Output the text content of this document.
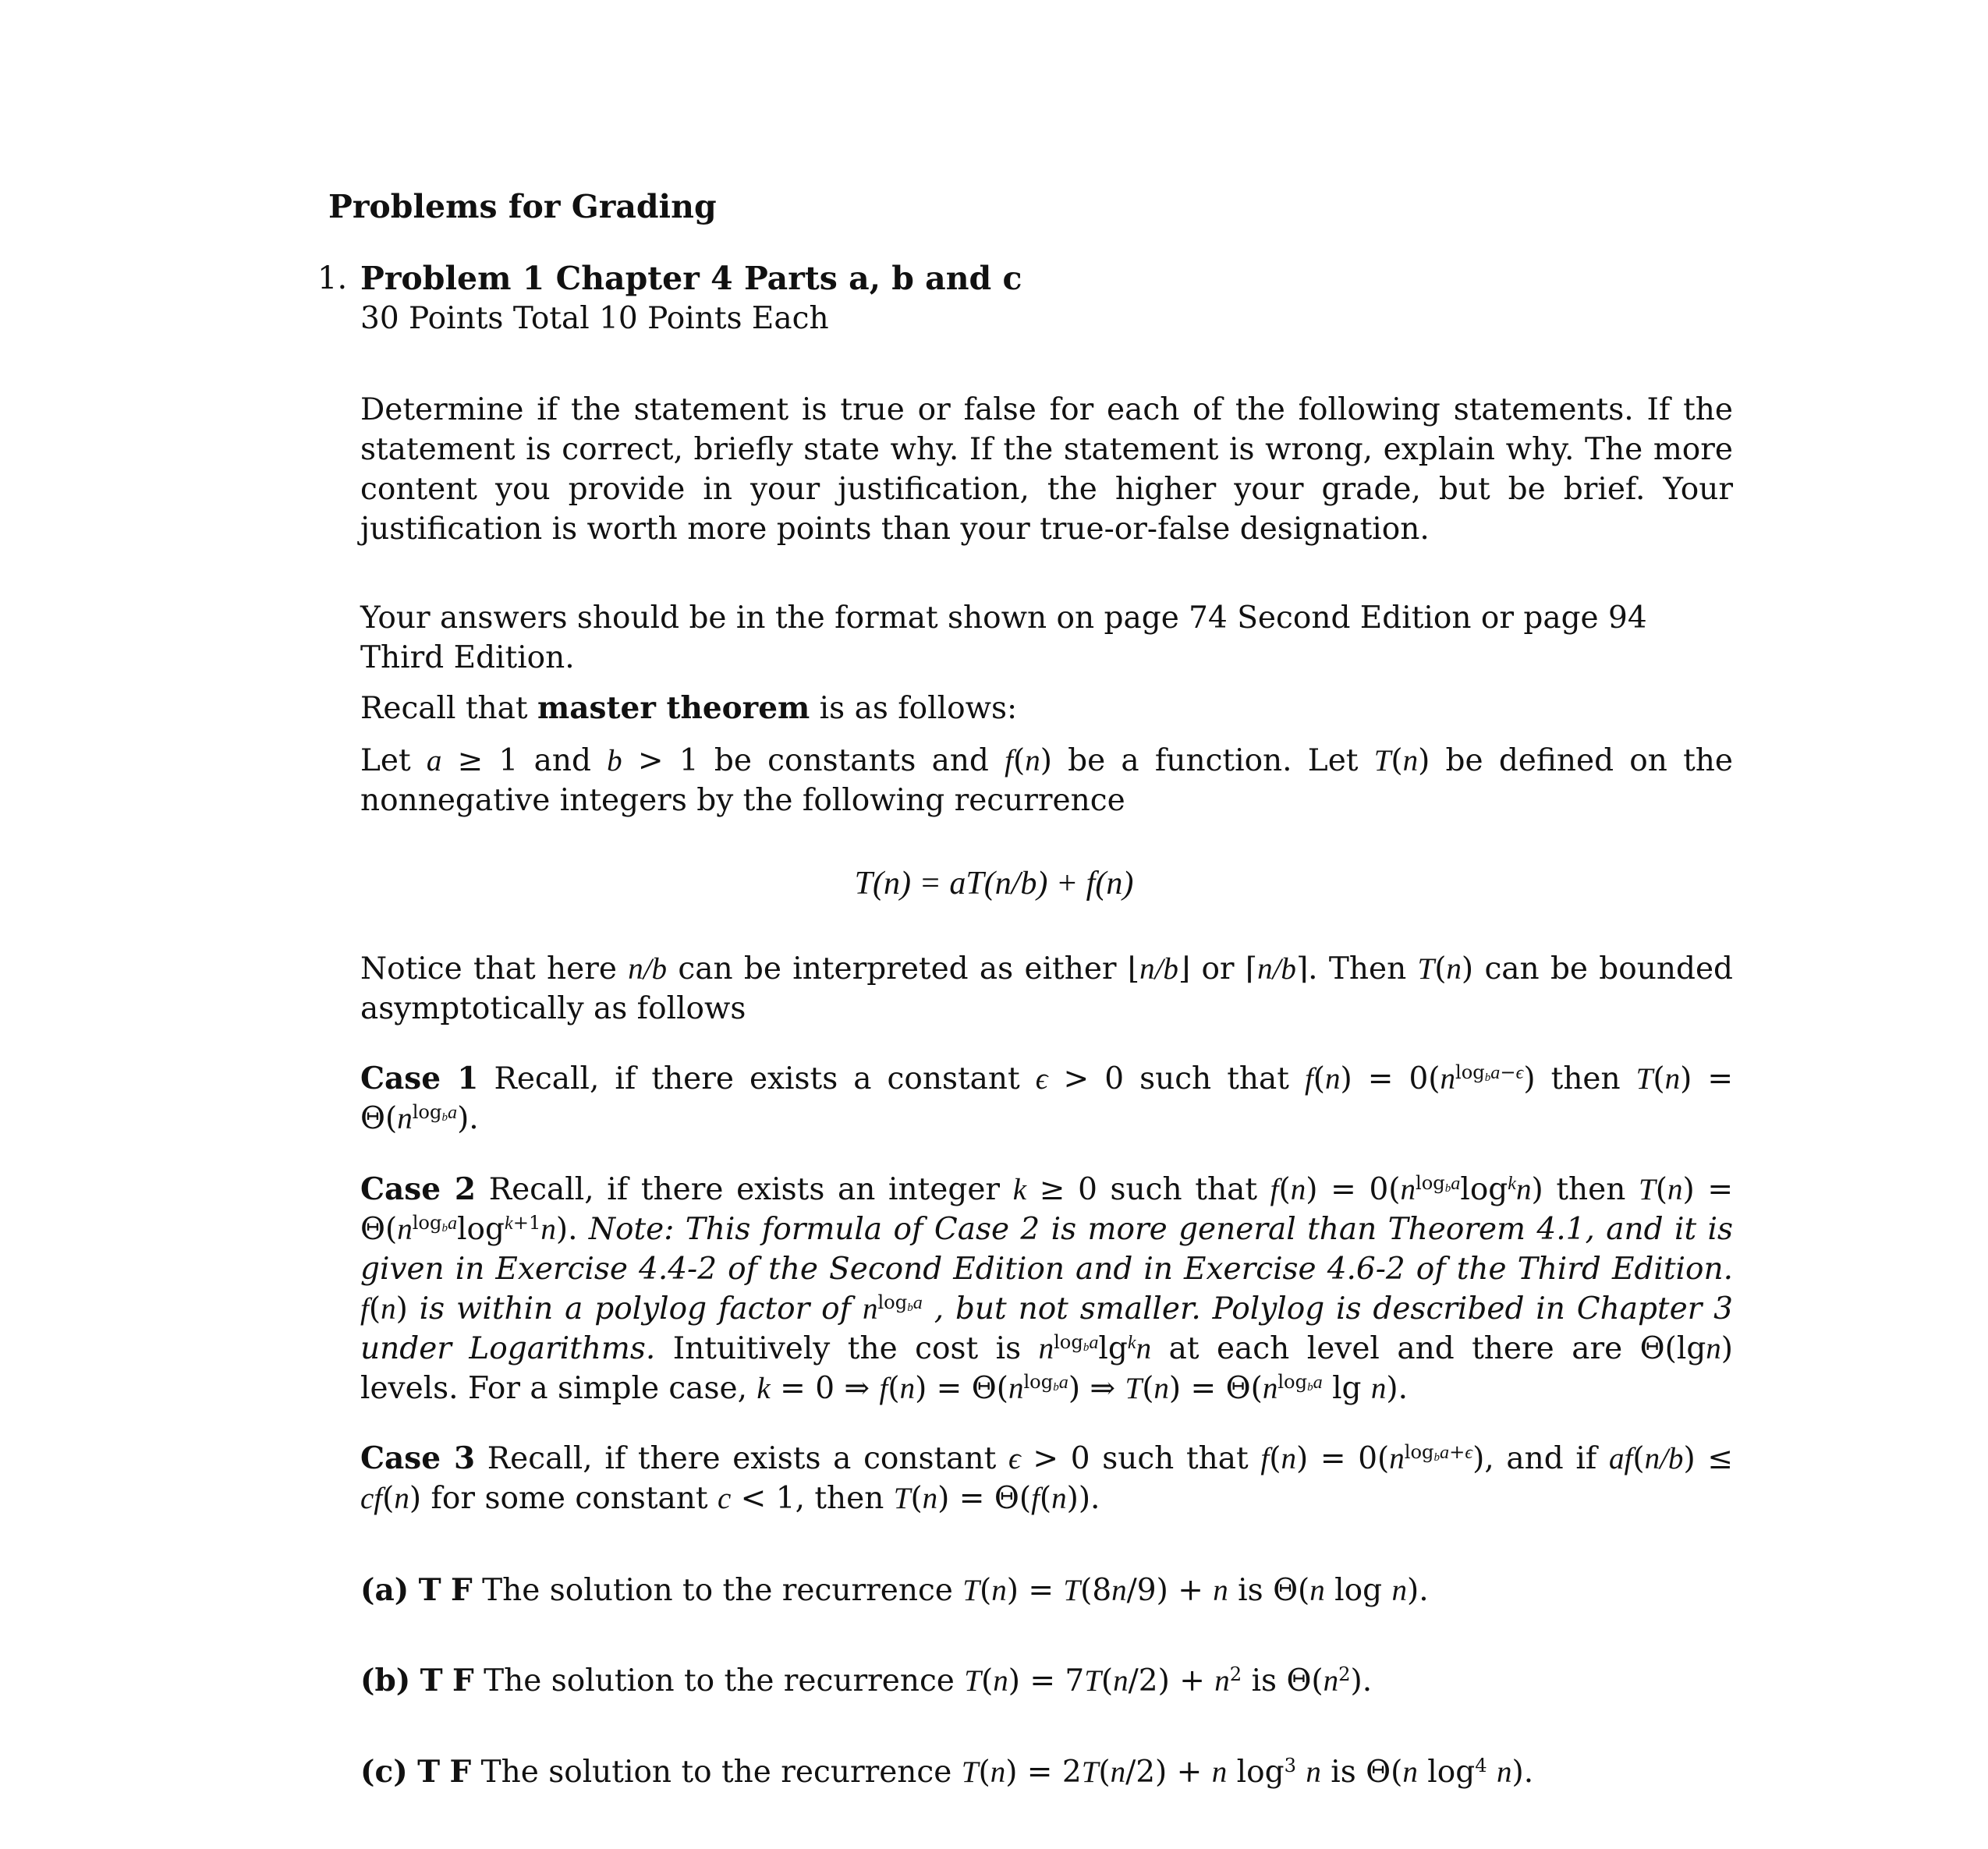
Problems for Grading
1. Problem 1 Chapter 4 Parts a, b and c
30 Points Total 10 Points Each
Determine if the statement is true or false for each of the following statements. If the statement is correct, briefly state why. If the statement is wrong, explain why. The more content you provide in your justification, the higher your grade, but be brief. Your justification is worth more points than your true-or-false designation.
Your answers should be in the format shown on page 74 Second Edition or page 94 Third Edition.
Recall that master theorem is as follows:
Let a ≥ 1 and b > 1 be constants and f(n) be a function. Let T(n) be defined on the nonnegative integers by the following recurrence
T(n) = aT(n/b) + f(n)
Notice that here n/b can be interpreted as either ⌊n/b⌋ or ⌈n/b⌉. Then T(n) can be bounded asymptotically as follows
Case 1 Recall, if there exists a constant ϵ > 0 such that $f(n) = 0(n^{log_ba-\epsilon})$ then T(n) =
$\Theta(n^{log_ba})$.
Case 2 Recall, if there exists an integer k ≥ 0 such that $f(n) = 0(n^{log_ba}\log^kn)$ then T(n) =
$\Theta(n^{log_ba}\log^{k+1}n)$. Note: This formula of Case 2 is more general than Theorem 4.1, and it is given in Exercise 4.4-2 of the Second Edition and in Exercise 4.6-2 of the Third Edition. f(n) is within a polylog factor of $n^{log_ba}$ , but not smaller. Polylog is described in Chapter 3 under Logarithms. Intuitively the cost is $n^{log_ba}\lg^kn$ at each level and there are Θ(lgn) levels. For a simple case, k = 0 ⇒ $f(n) = \Theta(n^{log_ba})$ ⇒ $T(n) = \Theta(n^{log_ba}$ lg n).
Case 3 Recall, if there exists a constant ϵ > 0 such that $f(n) = 0(n^{log_ba+\epsilon})$, and if af(n/b) ≤
cf(n) for some constant c < 1, then T(n) = Θ(f(n)).
(a) T F The solution to the recurrence T(n) = T(8n/9) + n is Θ(n log n).
(b) T F The solution to the recurrence $T(n) = 7T(n/2) + n^2$ is $\Theta(n^2)$.
(c) T F The solution to the recurrence T(n) = 2T(n/2) + n $\log^3 n$ is Θ(n $\log^4 n$).
